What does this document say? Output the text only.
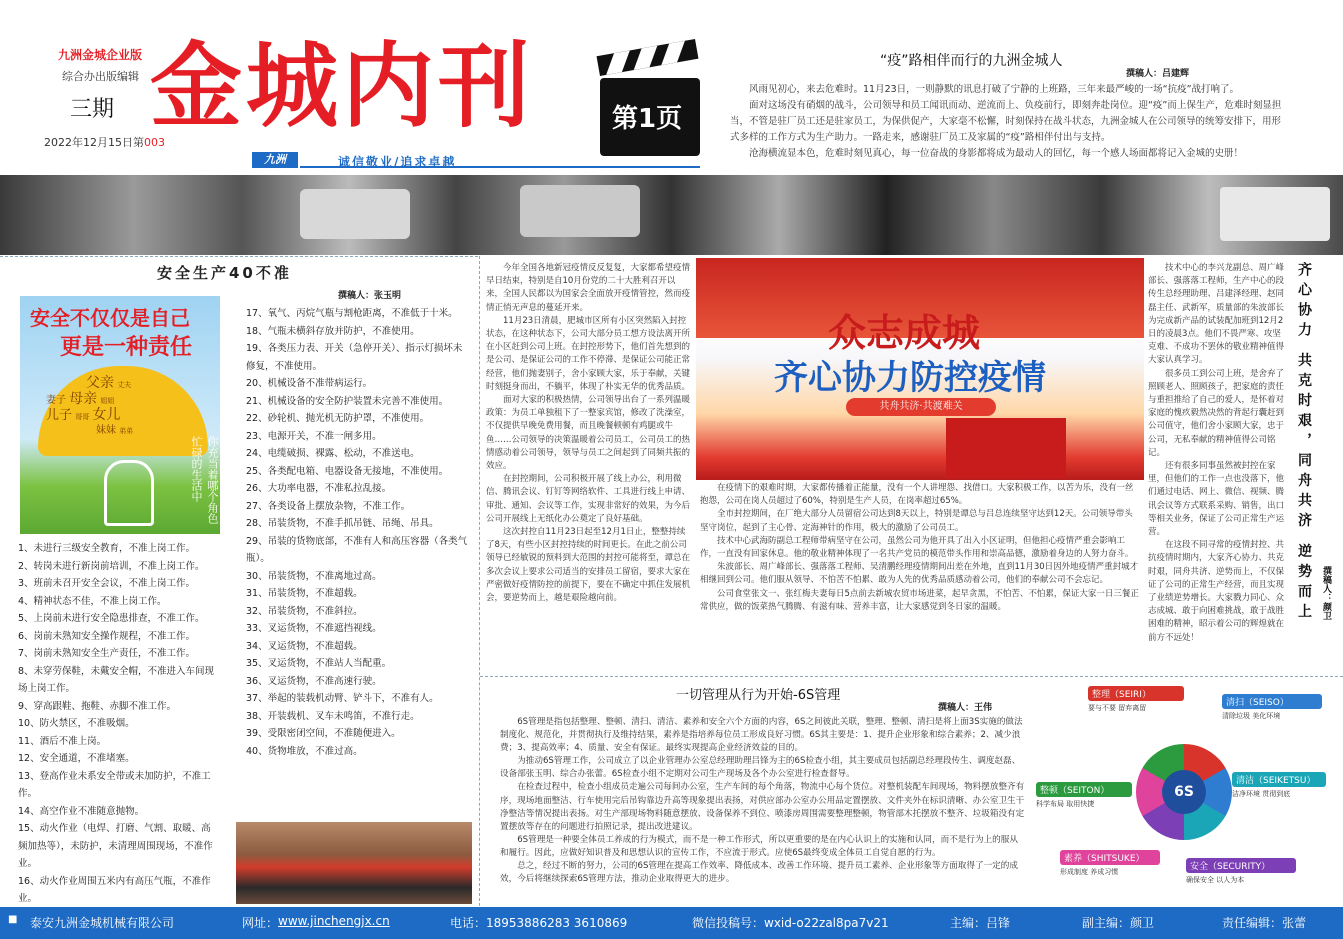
九洲金城企业版
综合办出版编辑
三期
2022年12月15日第003
金城内刊	第1页
九洲	诚信敬业/追求卓越
“疫”路相伴而行的九洲金城人
撰稿人：吕建辉

风雨见初心，来去危难时。11月23日，一则静默的讯息打破了宁静的上班路，三年来最严峻的一场“抗疫”战打响了。

面对这场没有硝烟的战斗，公司领导和员工闻讯而动、逆流而上、负疫前行，即刻奔赴岗位。迎“疫”而上保生产，危难时刻显担当，不管是驻厂员工还是驻家员工，为保供促产，大家毫不松懈，时刻保持在战斗状态，九洲金城人在公司领导的统筹安排下，用形式多样的工作方式为生产助力。一路走来，感谢驻厂员工及家属的“疫”路相伴付出与支持。

沧海横流显本色，危难时刻见真心，每一位奋战的身影都将成为最动人的回忆，每一个感人场面都将记入金城的史册！

安全生产40不准
撰稿人：张玉明
安全不仅仅是自己
更是一种责任
父亲 丈夫
妻子 母亲 姐姐
儿子 哥哥 女儿
妹妹 弟弟
你充当着哪个角色 忙碌的生活中
1、未进行三级安全教育，不准上岗工作。
2、转岗未进行新岗前培训，不准上岗工作。
3、班前未召开安全会议，不准上岗工作。
4、精神状态不佳，不准上岗工作。
5、上岗前未进行安全隐患排查，不准工作。
6、岗前未熟知安全操作规程，不准工作。
7、岗前未熟知安全生产责任，不准工作。
8、未穿劳保鞋，未戴安全帽，不准进入车间现场上岗工作。
9、穿高跟鞋、拖鞋、赤脚不准工作。
10、防火禁区，不准吸烟。
11、酒后不准上岗。
12、安全通道，不准堵塞。
13、登高作业未系安全带或未加防护，不准工作。
14、高空作业不准随意抛物。
15、动火作业（电焊、打磨、气割、取暖、高频加热等），未防护，未清理周围现场，不准作业。
16、动火作业周围五米内有高压气瓶，不准作业。
17、氧气、丙烷气瓶与割枪距离，不准低于十米。
18、气瓶未横斜存放并防护，不准使用。
19、各类压力表、开关（急停开关）、指示灯损坏未修复，不准使用。
20、机械设备不准带病运行。
21、机械设备的安全防护装置未完善不准使用。
22、砂轮机、抛光机无防护罩，不准使用。
23、电源开关，不准一闸多用。
24、电缆破损、裸露、松动，不准送电。
25、各类配电箱、电器设备无接地，不准使用。
26、大功率电器，不准私拉乱接。
27、各类设备上摆放杂物，不准工作。
28、吊装货物，不准手抓吊链、吊绳、吊具。
29、吊装的货物底部，不准有人和高压容器（各类气瓶）。
30、吊装货物，不准离地过高。
31、吊装货物，不准超载。
32、吊装货物，不准斜拉。
33、叉运货物，不准遮挡视线。
34、叉运货物，不准超载。
35、叉运货物，不准站人当配重。
36、叉运货物，不准高速行驶。
37、举起的装载机动臂、铲斗下，不准有人。
38、开装载机、叉车未鸣笛，不准行走。
39、受限密闭空间，不准随便进入。
40、货物堆放，不准过高。

今年全国各地新冠疫情反反复复，大家都希望疫情早日结束，特别是自10月份党的二十大胜利召开以来，全国人民都以为国家会全面放开疫情管控，然而疫情正悄无声息的蔓延开来。

11月23日清晨，肥城市区所有小区突然陷入封控状态，在这种状态下，公司大部分员工想方设法离开所在小区赶到公司上班。在封控形势下，他们首先想到的是公司、是保证公司的工作不停滞、是保证公司能正常经营，他们抛妻别子，舍小家顾大家，乐于奉献，关键时刻挺身而出，不躺平，体现了朴实无华的优秀品质。

面对大家的积极热情，公司领导出台了一系列温暖政策：为员工单独租下了一整家宾馆，修改了洗澡室，不仅提供早晚免费用餐，而且晚餐顿顿有鸡腿或牛鱼……公司领导的决策温暖着公司员工，公司员工的热情感动着公司领导，领导与员工之间起到了同频共振的效应。

在封控期间，公司积极开展了线上办公，利用微信、腾讯会议、钉钉等网络软件、工具进行线上申请、审批、通知、会议等工作，实现非常好的效果，为今后公司开展线上无纸化办公奠定了良好基础。

这次封控自11月23日起至12月1日止，整整持续了8天，有些小区封控持续的时间更长。在此之前公司领导已经敏锐的预料到大范围的封控可能将至，谭总在多次会议上要求公司适当的安排员工留宿，要求大家在严密做好疫情防控的前提下，要在不确定中抓住发展机会，要逆势而上，越是艰险越向前。

众志成城
齐心协力防控疫情
共舟共济·共渡难关

在疫情下的艰难时期，大家都传播着正能量，没有一个人讲埋怨、找借口。大家积极工作，以苦为乐，没有一丝抱怨，公司在岗人员超过了60%，特别是生产人员，在岗率超过65%。

全市封控期间，在厂绝大部分人员留宿公司达到8天以上，特别是谭总与吕总连续坚守达到12天。公司领导带头坚守岗位，起到了主心骨、定海神针的作用，极大的激励了公司员工。

技术中心武海防副总工程师带病坚守在公司，虽然公司为他开具了出入小区证明，但他担心疫情严重会影响工作，一直没有回家休息。他的敬业精神体现了一名共产党员的模范带头作用和崇高品德，激励着身边的人努力奋斗。

朱波部长、周广峰部长、强落落工程师、吴清鹏经理疫情期间出差在外地，直到11月30日因外地疫情严重封城才相继回到公司。他们服从领导、不怕苦不怕累、敢为人先的优秀品质感动着公司，他们的奉献公司不会忘记。

公司食堂张文一、张红梅夫妻每日5点前去新城农贸市场进菜，起早贪黑，不怕苦、不怕累，保证大家一日三餐正常供应，做的饭菜热气腾腾、有滋有味、营养丰富，让大家感觉到冬日家的温暖。

技术中心的李兴龙副总、周广峰部长、强落落工程师，生产中心的段传生总经理助理、吕建泽经理、赵同磊主任、武新军，质量部的朱波部长为完成新产品的试装配加班到12月2日的凌晨3点。他们不畏严寒、攻坚克难、不成功不罢休的敬业精神值得大家认真学习。

很多员工到公司上班，是舍弃了照顾老人、照顾孩子，把家庭的责任与重担推给了自己的爱人，是怀着对家庭的愧疚毅然决然的背起行囊赶到公司值守，他们舍小家顾大家，忠于公司，无私奉献的精神值得公司铭记。

还有很多同事虽然被封控在家里，但他们的工作一点也没落下，他们通过电话、网上、微信、视频、腾讯会议等方式联系采购、销售，出口等相关业务，保证了公司正常生产运营。

在这段不同寻常的疫情封控、共抗疫情时期内，大家齐心协力、共克时艰，同舟共济、逆势而上，不仅保证了公司的正常生产经营，而且实现了业绩逆势增长。大家戮力同心、众志成城、敢于向困难挑战，敢于战胜困难的精神，昭示着公司的辉煌就在前方不远处！

齐心协力 共克时艰，同舟共济 逆势而上 撰稿人：颜卫
一切管理从行为开始-6S管理
撰稿人：王伟

6S管理是指包括整理、整顿、清扫、清洁、素养和安全六个方面的内容，6S之间彼此关联，整理、整顿、清扫是将上面3S实施的做法制度化、规范化，并贯彻执行及维持结果，素养是指培养每位员工形成良好习惯。6S其主要是：1、提升企业形象和综合素养；2、减少浪费；3、提高效率；4、质量、安全有保证。最终实现提高企业经济效益的目的。

为推动6S管理工作，公司成立了以企业管理办公室总经理助理吕锋为主的6S检查小组，其主要成员包括副总经理段传生、调度赵磊、设备部张玉明、综合办张蕾。6S检查小组不定期对公司生产现场及各个办公室进行检查督导。

在检查过程中，检查小组成员走遍公司每间办公室，生产车间的每个角落，物流中心每个货位。对整机装配车间现场，物料摆放整齐有序，现场地面整洁、行车使用完后吊钩靠边升高等现象提出表扬，对供应部办公室办公用品定置摆放、文件夹外在标识清晰、办公室卫生干净整洁等情况提出表扬。对生产部现场物料随意摆放、设备保养不到位、喷漆房周围需要整理整顿，物管部木托摆放不整齐、垃圾箱没有定置摆放等存在的问题进行拍照记录，提出改进建议。

6S管理是一种要全体员工养成的行为模式，而不是一种工作形式，所以更重要的是在内心认识上的实施和认同，而不是行为上的服从和履行。因此，应做好知识普及和思想认识的宣传工作，不应流于形式。应使6S最终变成全体员工自觉自愿的行为。

总之，经过不断的努力，公司的6S管理在提高工作效率、降低成本、改善工作环境、提升员工素养、企业形象等方面取得了一定的成效，今后将继续探索6S管理方法，推动企业取得更大的进步。

6S
整理（SEIRI）
要与不要 留弃离留	清扫（SEISO）
清除垃圾 美化环境
整顿（SEITON）
科学布局 取用快捷
清洁（SEIKETSU）
洁净环境 贯彻到底
素养（SHITSUKE）
形成制度 养成习惯	安全（SECURITY）
确保安全 以人为本
■ 泰安九洲金城机械有限公司	网址： www.jinchengjx.cn	电话：18953886283 3610869	微信投稿号：wxid-o22zal8pa7v21	主编：吕锋	副主编：颜卫	责任编辑：张蕾
